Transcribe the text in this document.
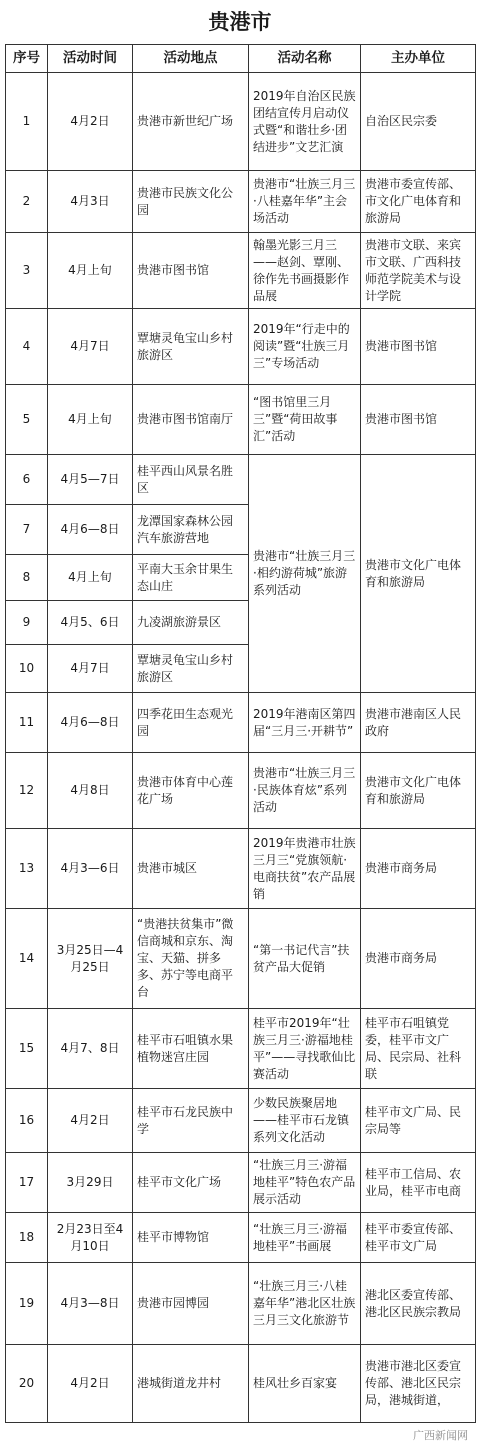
贵港市
序号	活动时间	活动地点	活动名称	主办单位
1	4月2日	贵港市新世纪广场	2019年自治区民族团结宣传月启动仪式暨“和谐壮乡·团结进步”文艺汇演	自治区民宗委
2	4月3日	贵港市民族文化公园	贵港市“壮族三月三·八桂嘉年华”主会场活动	贵港市委宣传部、市文化广电体育和旅游局
3	4月上旬	贵港市图书馆	翰墨光影三月三——赵剑、覃刚、徐作先书画摄影作品展	贵港市文联、来宾市文联、广西科技师范学院美术与设计学院
4	4月7日	覃塘灵龟宝山乡村旅游区	2019年“行走中的阅读”暨“壮族三月三”专场活动	贵港市图书馆
5	4月上旬	贵港市图书馆南厅	“图书馆里三月三”暨“荷田故事汇”活动	贵港市图书馆
6	4月5—7日	桂平西山风景名胜区	贵港市“壮族三月三·相约游荷城”旅游系列活动	贵港市文化广电体育和旅游局
7	4月6—8日	龙潭国家森林公园汽车旅游营地		
8	4月上旬	平南大玉余甘果生态山庄		
9	4月5、6日	九凌湖旅游景区		
10	4月7日	覃塘灵龟宝山乡村旅游区		
11	4月6—8日	四季花田生态观光园	2019年港南区第四届“三月三·开耕节”	贵港市港南区人民政府
12	4月8日	贵港市体育中心莲花广场	贵港市“壮族三月三·民族体育炫”系列活动	贵港市文化广电体育和旅游局
13	4月3—6日	贵港市城区	2019年贵港市壮族三月三“党旗领航·电商扶贫”农产品展销	贵港市商务局
14	3月25日—4月25日	“贵港扶贫集市”微信商城和京东、淘宝、天猫、拼多多、苏宁等电商平台	“第一书记代言”扶贫产品大促销	贵港市商务局
15	4月7、8日	桂平市石咀镇水果植物迷宫庄园	桂平市2019年“壮族三月三·游福地桂平”——寻找歌仙比赛活动	桂平市石咀镇党委，桂平市文广局、民宗局、社科联
16	4月2日	桂平市石龙民族中学	少数民族聚居地——桂平市石龙镇系列文化活动	桂平市文广局、民宗局等
17	3月29日	桂平市文化广场	“壮族三月三·游福地桂平”特色农产品展示活动	桂平市工信局、农业局，桂平市电商
18	2月23日至4月10日	桂平市博物馆	“壮族三月三·游福地桂平”书画展	桂平市委宣传部、桂平市文广局
19	4月3—8日	贵港市园博园	“壮族三月三·八桂嘉年华”港北区壮族三月三文化旅游节	港北区委宣传部、港北区民族宗教局
20	4月2日	港城街道龙井村	桂风壮乡百家宴	贵港市港北区委宣传部、港北区民宗局，港城街道，
广西新闻网
